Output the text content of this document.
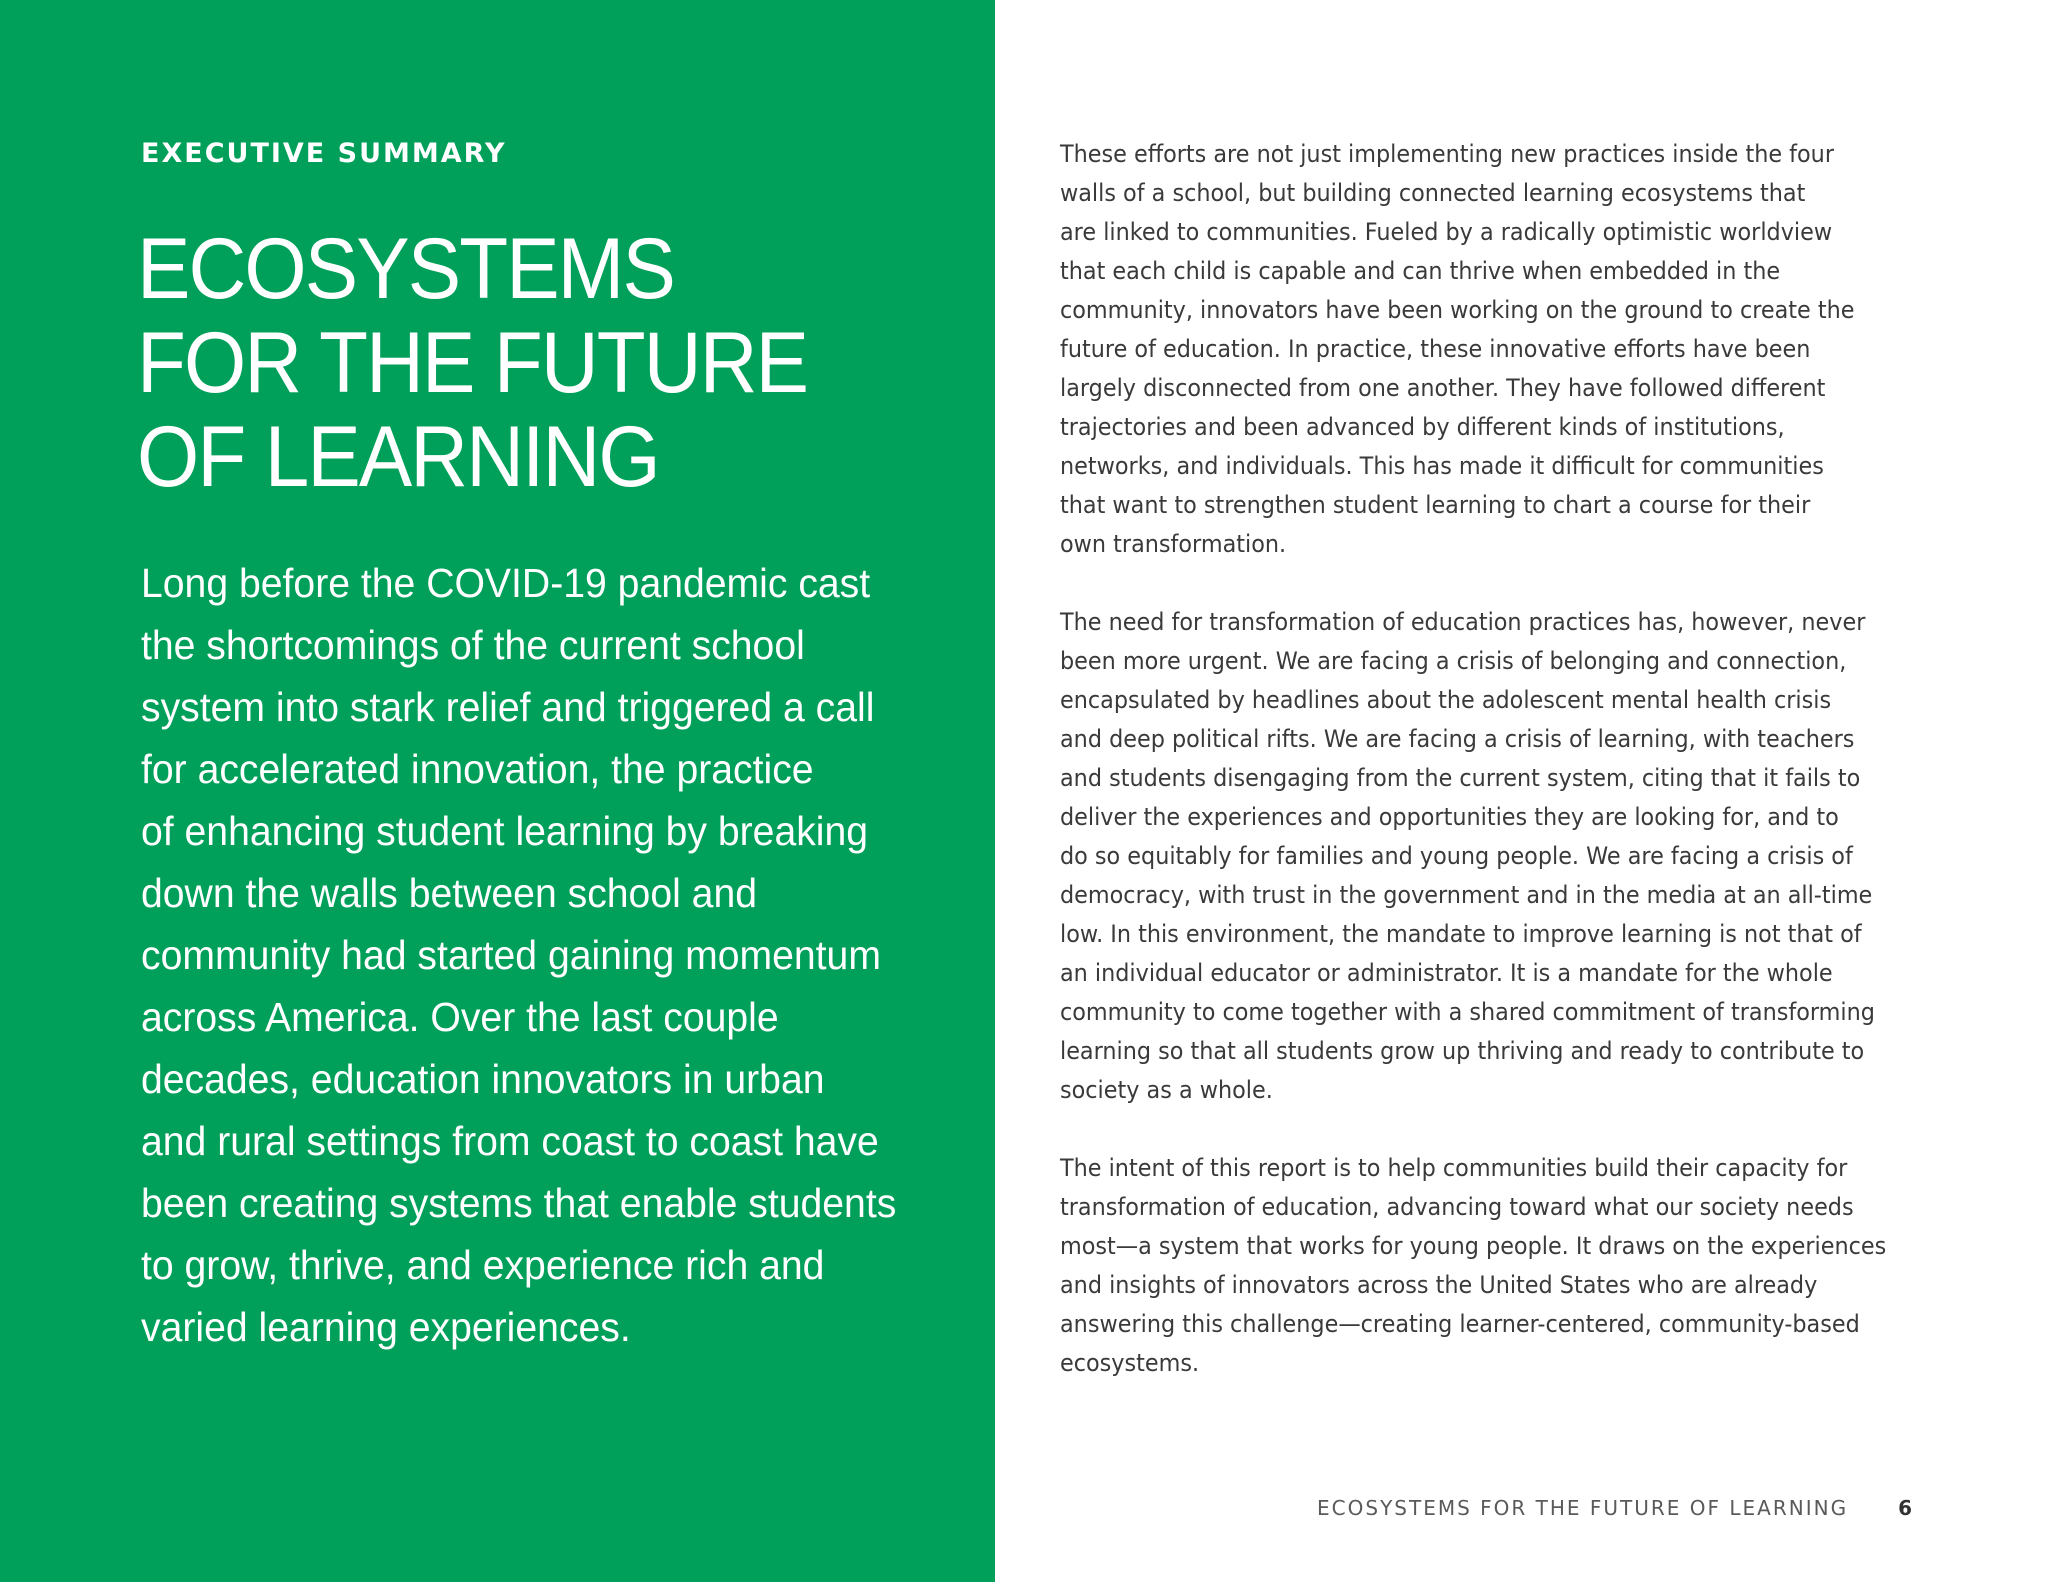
EXECUTIVE SUMMARY
ECOSYSTEMS
FOR THE FUTURE
OF LEARNING

Long before the COVID-19 pandemic cast
the shortcomings of the current school
system into stark relief and triggered a call
for accelerated innovation, the practice
of enhancing student learning by breaking
down the walls between school and
community had started gaining momentum
across America. Over the last couple
decades, education innovators in urban
and rural settings from coast to coast have
been creating systems that enable students
to grow, thrive, and experience rich and
varied learning experiences.

These efforts are not just implementing new practices inside the four
walls of a school, but building connected learning ecosystems that
are linked to communities. Fueled by a radically optimistic worldview
that each child is capable and can thrive when embedded in the
community, innovators have been working on the ground to create the
future of education. In practice, these innovative efforts have been
largely disconnected from one another. They have followed different
trajectories and been advanced by different kinds of institutions,
networks, and individuals. This has made it difficult for communities
that want to strengthen student learning to chart a course for their
own transformation.

The need for transformation of education practices has, however, never
been more urgent. We are facing a crisis of belonging and connection,
encapsulated by headlines about the adolescent mental health crisis
and deep political rifts. We are facing a crisis of learning, with teachers
and students disengaging from the current system, citing that it fails to
deliver the experiences and opportunities they are looking for, and to
do so equitably for families and young people. We are facing a crisis of
democracy, with trust in the government and in the media at an all-time
low. In this environment, the mandate to improve learning is not that of
an individual educator or administrator. It is a mandate for the whole
community to come together with a shared commitment of transforming
learning so that all students grow up thriving and ready to contribute to
society as a whole.

The intent of this report is to help communities build their capacity for
transformation of education, advancing toward what our society needs
most—a system that works for young people. It draws on the experiences
and insights of innovators across the United States who are already
answering this challenge—creating learner-centered, community-based
ecosystems.

ECOSYSTEMS FOR THE FUTURE OF LEARNING	6
